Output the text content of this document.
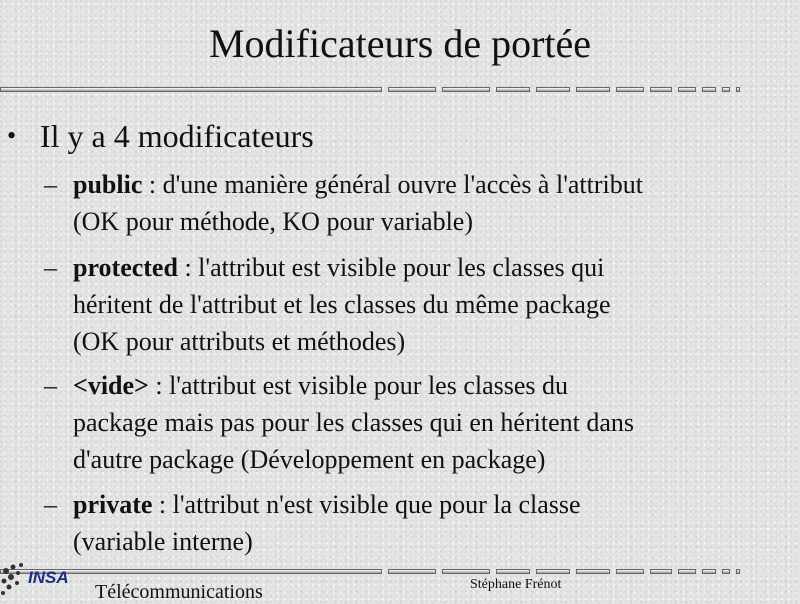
Modificateurs de portée
• Il y a 4 modificateurs
– public : d'une manière général ouvre l'accès à l'attribut
(OK pour méthode, KO pour variable)
– protected : l'attribut est visible pour les classes qui
héritent de l'attribut et les classes du même package
(OK pour attributs et méthodes)
– <vide> : l'attribut est visible pour les classes du
package mais pas pour les classes qui en héritent dans
d'autre package (Développement en package)
– private : l'attribut n'est visible que pour la classe
(variable interne)
INSA
Télécommunications	Stéphane Frénot
